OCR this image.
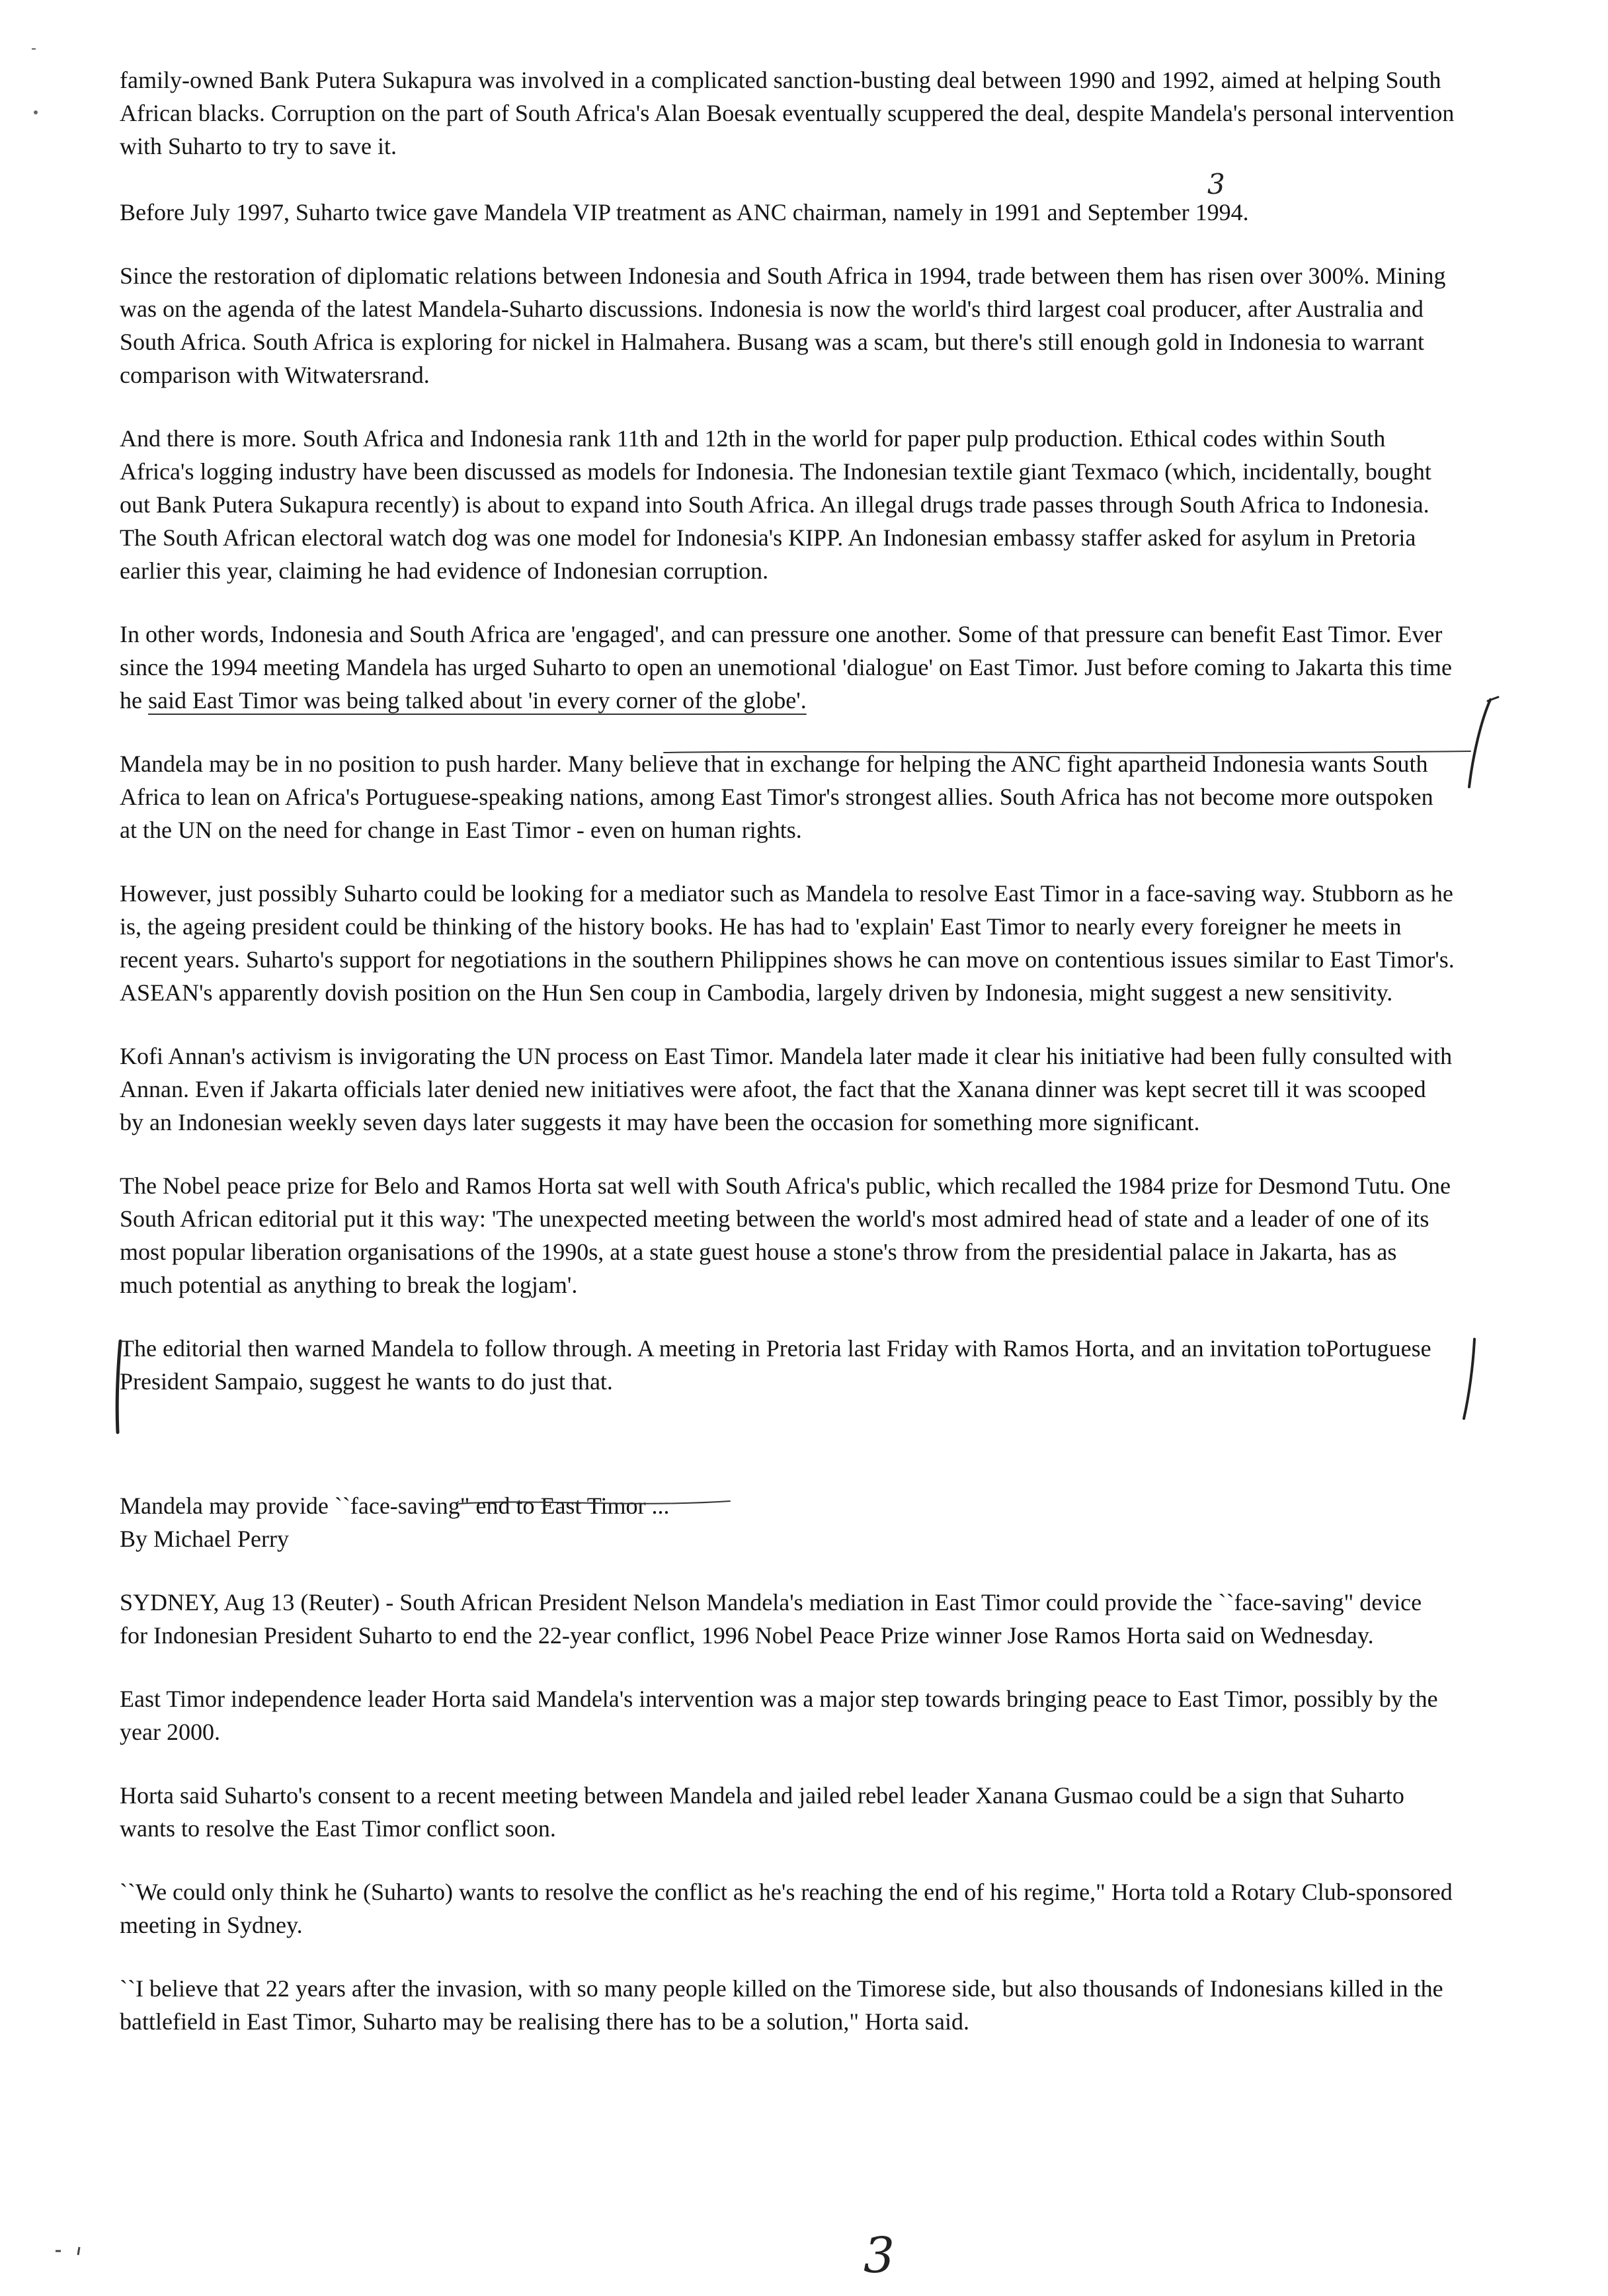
family-owned Bank Putera Sukapura was involved in a complicated sanction-busting deal between 1990 and 1992, aimed at helping South African blacks. Corruption on the part of South Africa's Alan Boesak eventually scuppered the deal, despite Mandela's personal intervention with Suharto to try to save it.

Before July 1997, Suharto twice gave Mandela VIP treatment as ANC chairman, namely in 1991 and September 1994.

Since the restoration of diplomatic relations between Indonesia and South Africa in 1994, trade between them has risen over 300%. Mining was on the agenda of the latest Mandela-Suharto discussions. Indonesia is now the world's third largest coal producer, after Australia and South Africa. South Africa is exploring for nickel in Halmahera. Busang was a scam, but there's still enough gold in Indonesia to warrant comparison with Witwatersrand.

And there is more. South Africa and Indonesia rank 11th and 12th in the world for paper pulp production. Ethical codes within South Africa's logging industry have been discussed as models for Indonesia. The Indonesian textile giant Texmaco (which, incidentally, bought out Bank Putera Sukapura recently) is about to expand into South Africa. An illegal drugs trade passes through South Africa to Indonesia. The South African electoral watch dog was one model for Indonesia's KIPP. An Indonesian embassy staffer asked for asylum in Pretoria earlier this year, claiming he had evidence of Indonesian corruption.

In other words, Indonesia and South Africa are 'engaged', and can pressure one another. Some of that pressure can benefit East Timor. Ever since the 1994 meeting Mandela has urged Suharto to open an unemotional 'dialogue' on East Timor. Just before coming to Jakarta this time he said East Timor was being talked about 'in every corner of the globe'.

Mandela may be in no position to push harder. Many believe that in exchange for helping the ANC fight apartheid Indonesia wants South Africa to lean on Africa's Portuguese-speaking nations, among East Timor's strongest allies. South Africa has not become more outspoken at the UN on the need for change in East Timor - even on human rights.

However, just possibly Suharto could be looking for a mediator such as Mandela to resolve East Timor in a face-saving way. Stubborn as he is, the ageing president could be thinking of the history books. He has had to 'explain' East Timor to nearly every foreigner he meets in recent years. Suharto's support for negotiations in the southern Philippines shows he can move on contentious issues similar to East Timor's. ASEAN's apparently dovish position on the Hun Sen coup in Cambodia, largely driven by Indonesia, might suggest a new sensitivity.

Kofi Annan's activism is invigorating the UN process on East Timor. Mandela later made it clear his initiative had been fully consulted with Annan. Even if Jakarta officials later denied new initiatives were afoot, the fact that the Xanana dinner was kept secret till it was scooped by an Indonesian weekly seven days later suggests it may have been the occasion for something more significant.

The Nobel peace prize for Belo and Ramos Horta sat well with South Africa's public, which recalled the 1984 prize for Desmond Tutu. One South African editorial put it this way: 'The unexpected meeting between the world's most admired head of state and a leader of one of its most popular liberation organisations of the 1990s, at a state guest house a stone's throw from the presidential palace in Jakarta, has as much potential as anything to break the logjam'.

The editorial then warned Mandela to follow through. A meeting in Pretoria last Friday with Ramos Horta, and an invitation toPortuguese President Sampaio, suggest he wants to do just that.

Mandela may provide ``face-saving" end to East Timor ...

By Michael Perry

SYDNEY, Aug 13 (Reuter) - South African President Nelson Mandela's mediation in East Timor could provide the ``face-saving" device for Indonesian President Suharto to end the 22-year conflict, 1996 Nobel Peace Prize winner Jose Ramos Horta said on Wednesday.

East Timor independence leader Horta said Mandela's intervention was a major step towards bringing peace to East Timor, possibly by the year 2000.

Horta said Suharto's consent to a recent meeting between Mandela and jailed rebel leader Xanana Gusmao could be a sign that Suharto wants to resolve the East Timor conflict soon.

``We could only think he (Suharto) wants to resolve the conflict as he's reaching the end of his regime," Horta told a Rotary Club-sponsored meeting in Sydney.

``I believe that 22 years after the invasion, with so many people killed on the Timorese side, but also thousands of Indonesians killed in the battlefield in East Timor, Suharto may be realising there has to be a solution," Horta said.

3
3
